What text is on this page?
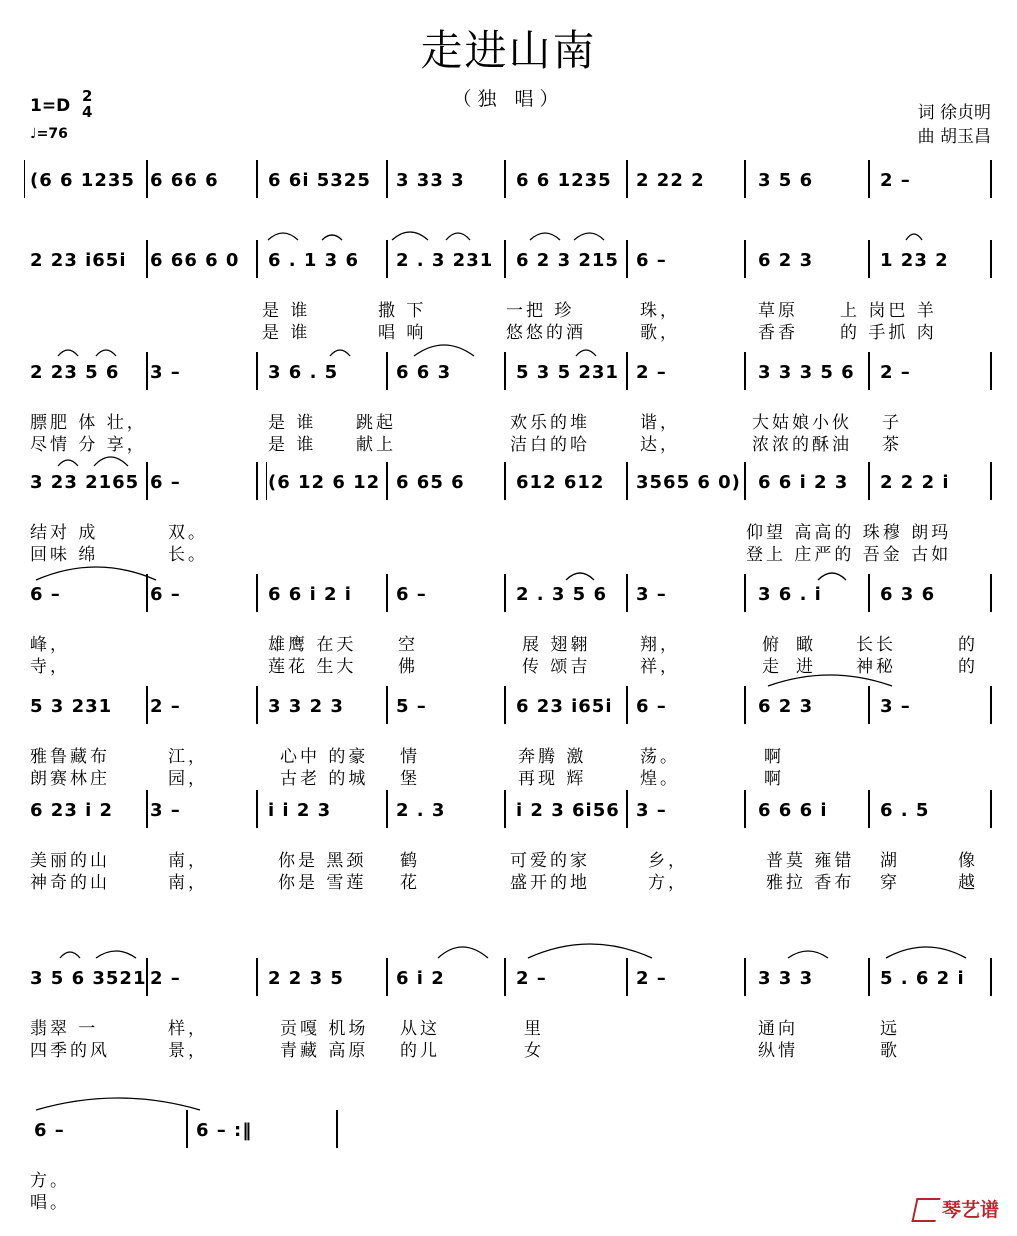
走进山南
（独 唱）
1=D 2
4
♩=76
词 徐贞明
曲 胡玉昌
(6 6 1235 6 66 6	6 6i 5325 3 33 3	6 6 1235 2 22 2	3 5 6	2 –
2 23 i65i 6 66 6 0 6 . 1 3 6 2 . 3 231 6 2 3 215 6 –	6 2 3	1 23 2
是 谁	撒 下	一把 珍	珠，	草原 上 岗巴 羊
是 谁	唱 响	悠悠的酒	歌，	香香 的 手抓 肉
2 23 5 6 3 –	3 6 . 5	6 6 3	5 3 5 231 2 –	3 3 3 5 6 2 –
膘肥 体 壮，	是 谁 跳起	欢乐的堆	谐，	大姑娘小伙 子
尽情 分 享，	是 谁 献上	洁白的哈	达，	浓浓的酥油 茶
3 23 2165 6 –	(6 12 6 12 6 65 6	612 612 3565 6 0) 6 6 i 2 3 2 2 2 i
结对 成	双。	仰望 高高的 珠穆 朗玛
回味 绵	长。	登上 庄严的 吾金 古如
6 –	6 –	6 6 i 2 i 6 –	2 . 3 5 6 3 –	3 6 . i	6 3 6
峰，	雄鹰 在天 空	展 翅翱	翔，	俯 瞰 长长	的
寺，	莲花 生大 佛	传 颂吉	祥，	走 进 神秘	的
5 3 231 2 –	3 3 2 3	5 –	6 23 i65i 6 –	6 2 3	3 –
雅鲁藏布	江，	心中 的豪 情	奔腾 激	荡。	啊
朗赛林庄	园，	古老 的城 堡	再现 辉	煌。	啊
6 23 i 2 3 –	i i 2 3	2 . 3	i 2 3 6i56 3 –	6 6 6 i	6 . 5
美丽的山	南，	你是 黑颈 鹤	可爱的家	乡，	普莫 雍错 湖	像
神奇的山	南，	你是 雪莲 花	盛开的地	方，	雅拉 香布 穿	越
3 5 6 3521 2 –	2 2 3 5	6 i 2	2 –	2 –	3 3 3	5 . 6 2 i
翡翠 一	样，	贡嘎 机场 从这	里	通向	远
四季的风	景，	青藏 高原 的儿	女	纵情	歌
6 –	6 – :‖
方。
唱。	琴艺谱
